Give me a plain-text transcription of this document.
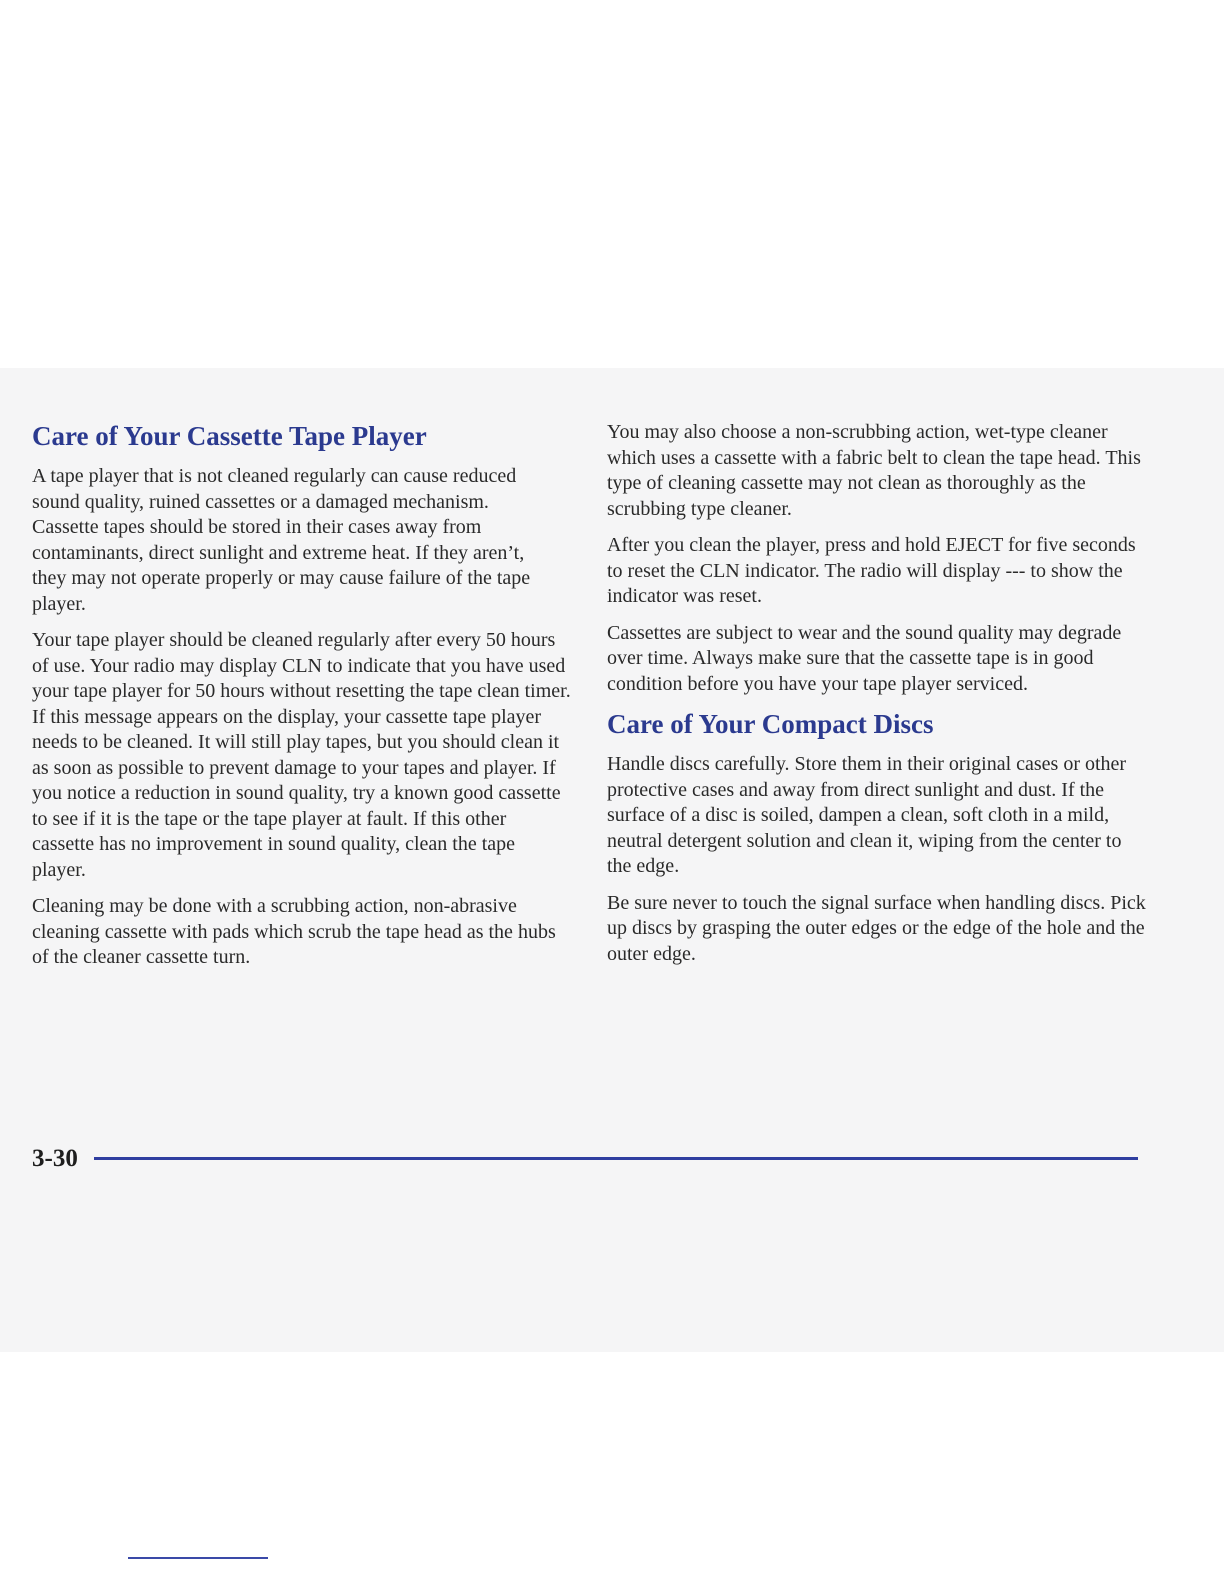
Care of Your Cassette Tape Player

A tape player that is not cleaned regularly can cause reduced sound quality, ruined cassettes or a damaged mechanism. Cassette tapes should be stored in their cases away from contaminants, direct sunlight and extreme heat. If they aren’t, they may not operate properly or may cause failure of the tape player.

Your tape player should be cleaned regularly after every 50 hours of use. Your radio may display CLN to indicate that you have used your tape player for 50 hours without resetting the tape clean timer. If this message appears on the display, your cassette tape player needs to be cleaned. It will still play tapes, but you should clean it as soon as possible to prevent damage to your tapes and player. If you notice a reduction in sound quality, try a known good cassette to see if it is the tape or the tape player at fault. If this other cassette has no improvement in sound quality, clean the tape player.

Cleaning may be done with a scrubbing action, non-abrasive cleaning cassette with pads which scrub the tape head as the hubs of the cleaner cassette turn.

You may also choose a non-scrubbing action, wet-type cleaner which uses a cassette with a fabric belt to clean the tape head. This type of cleaning cassette may not clean as thoroughly as the scrubbing type cleaner.

After you clean the player, press and hold EJECT for five seconds to reset the CLN indicator. The radio will display --- to show the indicator was reset.

Cassettes are subject to wear and the sound quality may degrade over time. Always make sure that the cassette tape is in good condition before you have your tape player serviced.

Care of Your Compact Discs

Handle discs carefully. Store them in their original cases or other protective cases and away from direct sunlight and dust. If the surface of a disc is soiled, dampen a clean, soft cloth in a mild, neutral detergent solution and clean it, wiping from the center to the edge.

Be sure never to touch the signal surface when handling discs. Pick up discs by grasping the outer edges or the edge of the hole and the outer edge.

3-30
